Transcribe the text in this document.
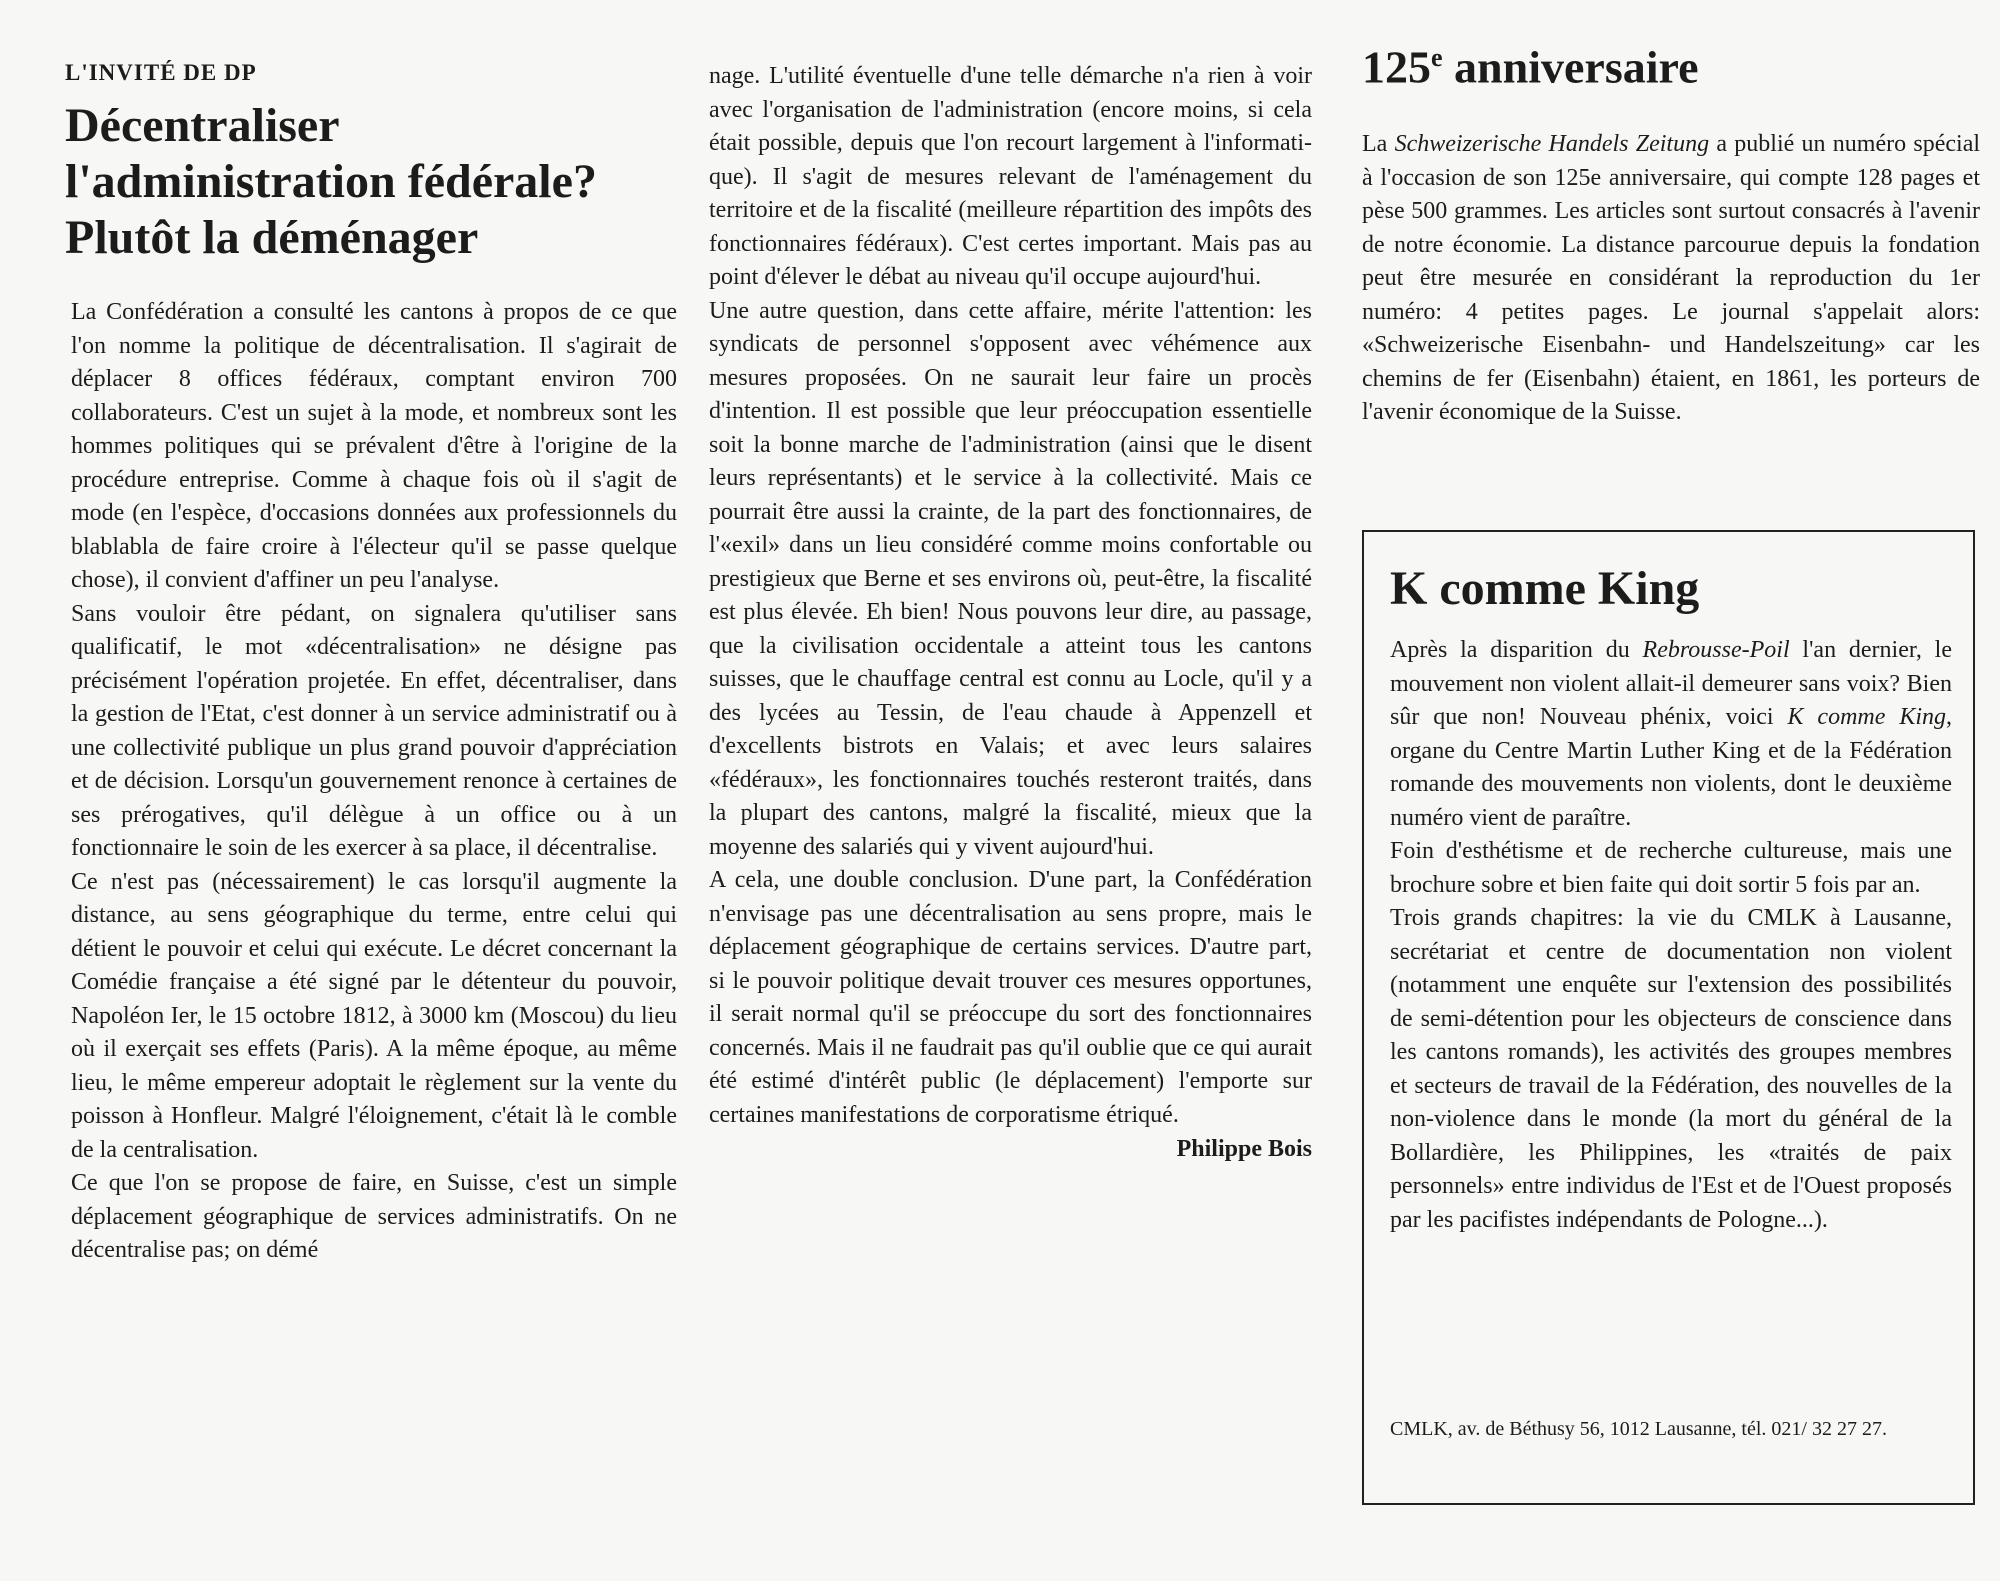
L'INVITÉ DE DP
Décentraliser
l'administration fédérale?
Plutôt la déménager

La Confédération a consulté les cantons à propos de ce que l'on nomme la politique de décentralisation. Il s'agirait de déplacer 8 offices fédéraux, comptant environ 700 collaborateurs. C'est un sujet à la mode, et nombreux sont les hommes politiques qui se prévalent d'être à l'origine de la procédure entreprise. Comme à chaque fois où il s'agit de mode (en l'espèce, d'occasions données aux professionnels du blablabla de faire croire à l'électeur qu'il se passe quelque chose), il convient d'affiner un peu l'analyse.

Sans vouloir être pédant, on signalera qu'utiliser sans qualificatif, le mot «décentralisation» ne désigne pas précisément l'opération projetée. En effet, décentraliser, dans la gestion de l'Etat, c'est donner à un service administratif ou à une collectivité publique un plus grand pouvoir d'appréciation et de décision. Lorsqu'un gouvernement renonce à certaines de ses prérogatives, qu'il délègue à un office ou à un fonctionnaire le soin de les exercer à sa place, il décentralise.

Ce n'est pas (nécessairement) le cas lorsqu'il augmente la distance, au sens géographique du terme, entre celui qui détient le pouvoir et celui qui exécute. Le décret concernant la Comédie française a été signé par le détenteur du pouvoir, Napoléon Ier, le 15 octobre 1812, à 3000 km (Moscou) du lieu où il exerçait ses effets (Paris). A la même époque, au même lieu, le même empereur adoptait le règlement sur la vente du poisson à Honfleur. Malgré l'éloignement, c'était là le comble de la centralisation.

Ce que l'on se propose de faire, en Suisse, c'est un simple déplacement géographique de services administratifs. On ne décentralise pas; on démé

nage. L'utilité éventuelle d'une telle démarche n'a rien à voir avec l'organisation de l'administration (encore moins, si cela était possible, depuis que l'on recourt largement à l'informatique). Il s'agit de mesures relevant de l'aménagement du territoire et de la fiscalité (meilleure répartition des impôts des fonctionnaires fédéraux). C'est certes important. Mais pas au point d'élever le débat au niveau qu'il occupe aujourd'hui.

Une autre question, dans cette affaire, mérite l'attention: les syndicats de personnel s'opposent avec véhémence aux mesures proposées. On ne saurait leur faire un procès d'intention. Il est possible que leur préoccupation essentielle soit la bonne marche de l'administration (ainsi que le disent leurs représentants) et le service à la collectivité. Mais ce pourrait être aussi la crainte, de la part des fonctionnaires, de l'«exil» dans un lieu considéré comme moins confortable ou prestigieux que Berne et ses environs où, peut-être, la fiscalité est plus élevée. Eh bien! Nous pouvons leur dire, au passage, que la civilisation occidentale a atteint tous les cantons suisses, que le chauffage central est connu au Locle, qu'il y a des lycées au Tessin, de l'eau chaude à Appenzell et d'excellents bistrots en Valais; et avec leurs salaires «fédéraux», les fonctionnaires touchés resteront traités, dans la plupart des cantons, malgré la fiscalité, mieux que la moyenne des salariés qui y vivent aujourd'hui.

A cela, une double conclusion. D'une part, la Confédération n'envisage pas une décentralisation au sens propre, mais le déplacement géographique de certains services. D'autre part, si le pouvoir politique devait trouver ces mesures opportunes, il serait normal qu'il se préoccupe du sort des fonctionnaires concernés. Mais il ne faudrait pas qu'il oublie que ce qui aurait été estimé d'intérêt public (le déplacement) l'emporte sur certaines manifestations de corporatisme étriqué.

Philippe Bois
125e anniversaire

La Schweizerische Handels Zeitung a publié un numéro spécial à l'occasion de son 125e anniversaire, qui compte 128 pages et pèse 500 grammes. Les articles sont surtout consacrés à l'avenir de notre économie. La distance parcourue depuis la fondation peut être mesurée en considérant la reproduction du 1er numéro: 4 petites pages. Le journal s'appelait alors: «Schweizerische Eisenbahn- und Handelszeitung» car les chemins de fer (Eisenbahn) étaient, en 1861, les porteurs de l'avenir économique de la Suisse.

K comme King

Après la disparition du Rebrousse-Poil l'an dernier, le mouvement non violent allait-il demeurer sans voix? Bien sûr que non! Nouveau phénix, voici K comme King, organe du Centre Martin Luther King et de la Fédération romande des mouvements non violents, dont le deuxième numéro vient de paraître.

Foin d'esthétisme et de recherche cultureuse, mais une brochure sobre et bien faite qui doit sortir 5 fois par an.

Trois grands chapitres: la vie du CMLK à Lausanne, secrétariat et centre de documentation non violent (notamment une enquête sur l'extension des possibilités de semi-détention pour les objecteurs de conscience dans les cantons romands), les activités des groupes membres et secteurs de travail de la Fédération, des nouvelles de la non-violence dans le monde (la mort du général de la Bollardière, les Philippines, les «traités de paix personnels» entre individus de l'Est et de l'Ouest proposés par les pacifistes indépendants de Pologne...).

CMLK, av. de Béthusy 56, 1012 Lausanne, tél. 021/ 32 27 27.
